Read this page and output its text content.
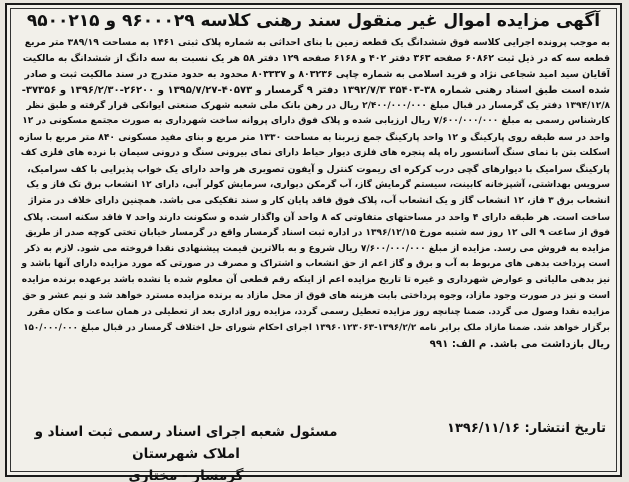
آگهی مزایده اموال غیر منقول سند رهنی کلاسه ۹۶۰۰۰۲۹ و ۹۵۰۰۲۱۵
به موجب پرونده اجرایی کلاسه فوق ششدانگ یک قطعه زمین با بنای احداثی به شماره پلاک ثبتی ۱۴۶۱ به مساحت ۳۸۹/۱۹ متر مربع
قطعه سه که در ذیل ثبت ۶۰۸۶۲ صفحه ۳۶۳ دفتر ۴۰۲ و ۶۱۶۸ صفحه ۱۲۹ دفتر ۵۸ هر یک نسبت به سه دانگ از ششدانگ به مالکیت
آقایان سید امید شجاعی نژاد و فرید اسلامی به شماره چاپی ۸۰۳۲۳۶ و ۸۰۳۳۳۷ محدود به حدود متدرج در سند مالکیت ثبت و صادر
شده است طبق اسناد رهنی شماره ۳۸-۳۵۴۰۳ ۱۳۹۲/۷/۳ دفتر ۹ گرمسار و ۴۰۵۷۳-۱۳۹۵/۷/۲۷ و ۲۶۲۰۰-۱۳۹۶/۲/۳۰ و ۳۷۳۵۶-
۱۳۹۴/۱۲/۸ دفتر یک گرمسار در قبال مبلغ ۲/۴۰۰/۰۰۰/۰۰۰ ریال در رهن بانک ملی شعبه شهرک صنعتی ایوانکی قرار گرفته و طبق نظر
کارشناس رسمی به مبلغ ۷/۶۰۰/۰۰۰/۰۰۰ ریال ارزیابی شده و پلاک فوق دارای پروانه ساخت شهرداری به صورت مجتمع مسکونی در ۱۲
واحد در سه طبقه روی پارکینگ و ۱۲ واحد پارکینگ جمع زیربنا به مساحت ۱۳۳۰ متر مربع و بنای مفید مسکونی ۸۴۰ متر مربع با سازه
اسکلت بتن با نمای سنگ آسانسور راه پله پنجره های فلزی دیوار حیاط دارای نمای بیرونی سنگ و درونی سیمان با نرده های فلزی کف
پارکینگ سرامیک با دیوارهای گچی درب کرکره ای ریموت کنترل و آیفون تصویری هر واحد دارای یک خواب پذیرایی با کف سرامیک،
سرویس بهداشتی، آشپزخانه کابینت، سیستم گرمایش گاز، آب گرمکن دیواری، سرمایش کولر آبی، دارای ۱۲ انشعاب برق تک فاز و یک
انشعاب برق ۳ فاز، ۱۲ انشعاب گاز و یک انشعاب آب، پلاک فوق فاقد پایان کار و سند تفکیکی می باشد. همچنین دارای خلاف در متراژ
ساخت است. هر طبقه دارای ۴ واحد در مساحتهای متفاوتی که ۸ واحد آن واگذار شده و سکونت دارند واحد ۷ فاقد سکنه است. پلاک
فوق از ساعت ۹ الی ۱۲ روز سه شنبه مورخ ۱۳۹۶/۱۲/۱۵ در اداره ثبت اسناد گرمسار واقع در گرمسار خیابان تختی کوچه صدر از طریق
مزایده به فروش می رسد. مزایده از مبلغ ۷/۶۰۰/۰۰۰/۰۰۰ ریال شروع و به بالاترین قیمت پیشنهادی نقدا فروخته می شود. لازم به ذکر
است پرداخت بدهی های مربوط به آب و برق و گاز اعم از حق انشعاب و اشتراک و مصرف در صورتی که مورد مزایده دارای آنها باشد و
نیز بدهی مالیاتی و عوارض شهرداری و غیره تا تاریخ مزایده اعم از اینکه رقم قطعی آن معلوم شده یا نشده باشد برعهده برنده مزایده
است و نیز در صورت وجود مازاد، وجوه پرداختی بابت هزینه های فوق از محل مازاد به برنده مزایده مسترد خواهد شد و نیم عشر و حق
مزایده نقدا وصول می گردد. ضمنا چنانچه روز مزایده تعطیل رسمی گردد، مزایده روز اداری بعد از تعطیلی در همان ساعت و مکان مقرر
برگزار خواهد شد. ضمنا مازاد ملک برابر نامه ۱۳۹۶/۲/۲-۱۳۹۶۰۱۲۳۰۶۳ اجرای احکام شورای حل اختلاف گرمسار در قبال مبلغ ۱۵۰/۰۰۰/۰۰۰
ریال بازداشت می باشد. م الف: ۹۹۱
تاریخ انتشار: ۱۳۹۶/۱۱/۱۶
مسئول شعبه اجرای اسناد رسمی ثبت اسناد و املاک شهرستان
گرمسار - مختاری
